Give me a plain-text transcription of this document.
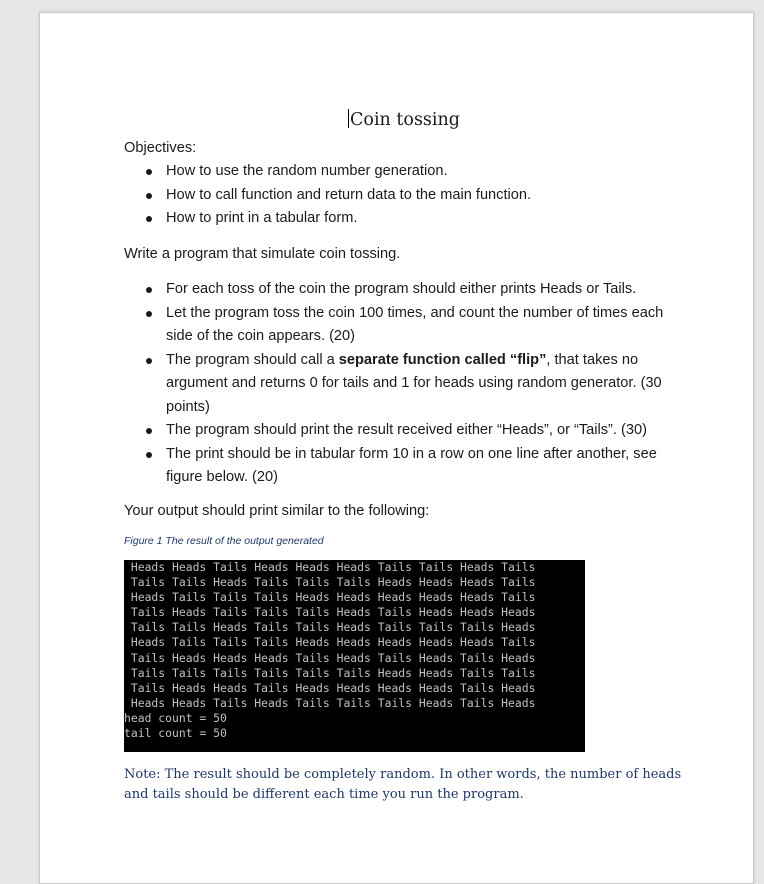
Coin tossing
Objectives:
How to use the random number generation.
How to call function and return data to the main function.
How to print in a tabular form.
Write a program that simulate coin tossing.
For each toss of the coin the program should either prints Heads or Tails.
Let the program toss the coin 100 times, and count the number of times each side of the coin appears. (20)
The program should call a separate function called “flip”, that takes no argument and returns 0 for tails and 1 for heads using random generator. (30 points)
The program should print the result received either “Heads”, or “Tails”. (30)
The print should be in tabular form 10 in a row on one line after another, see figure below. (20)
Your output should print similar to the following:
Figure 1 The result of the output generated
Heads Heads Tails Heads Heads Heads Tails Tails Heads Tails
Tails Tails Heads Tails Tails Tails Heads Heads Heads Tails
Heads Tails Tails Tails Heads Heads Heads Heads Heads Tails
Tails Heads Tails Tails Tails Heads Tails Heads Heads Heads
Tails Tails Heads Tails Tails Heads Tails Tails Tails Heads
Heads Tails Tails Tails Heads Heads Heads Heads Heads Tails
Tails Heads Heads Heads Tails Heads Tails Heads Tails Heads
Tails Tails Tails Tails Tails Tails Heads Heads Tails Tails
Tails Heads Heads Tails Heads Heads Heads Heads Tails Heads
Heads Heads Tails Heads Tails Tails Tails Heads Tails Heads
head count = 50
tail count = 50
Note: The result should be completely random. In other words, the number of heads and tails should be different each time you run the program.
